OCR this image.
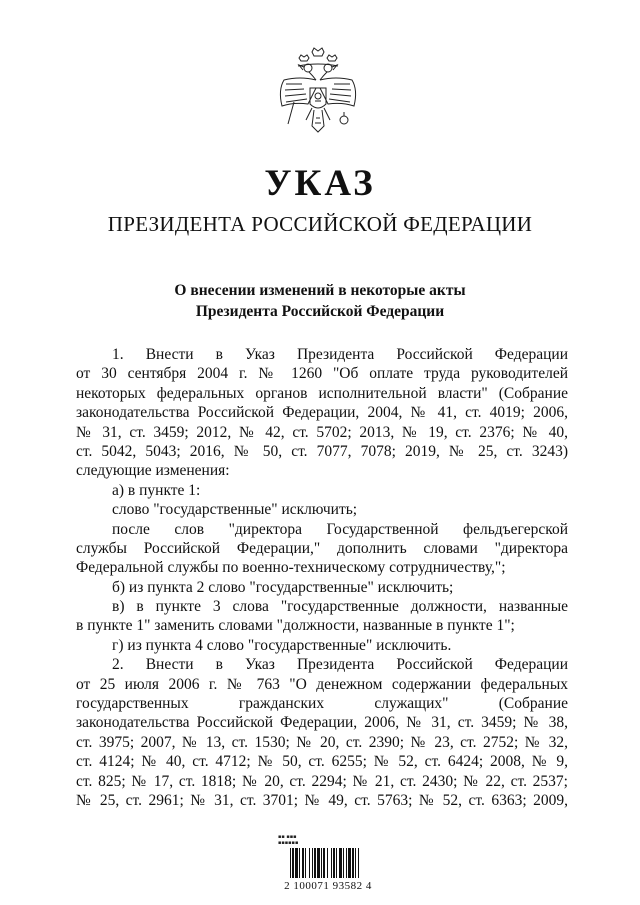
УКАЗ
ПРЕЗИДЕНТА РОССИЙСКОЙ ФЕДЕРАЦИИ
О внесении изменений в некоторые акты
Президента Российской Федерации
1. Внести в Указ Президента Российской Федерации
от 30 сентября 2004 г. № 1260 "Об оплате труда руководителей
некоторых федеральных органов исполнительной власти" (Собрание
законодательства Российской Федерации, 2004, № 41, ст. 4019; 2006,
№ 31, ст. 3459; 2012, № 42, ст. 5702; 2013, № 19, ст. 2376; № 40,
ст. 5042, 5043; 2016, № 50, ст. 7077, 7078; 2019, № 25, ст. 3243)
следующие изменения:
а) в пункте 1:
слово "государственные" исключить;
после слов "директора Государственной фельдъегерской
службы Российской Федерации," дополнить словами "директора
Федеральной службы по военно-техническому сотрудничеству,";
б) из пункта 2 слово "государственные" исключить;
в) в пункте 3 слова "государственные должности, названные
в пункте 1" заменить словами "должности, названные в пункте 1";
г) из пункта 4 слово "государственные" исключить.
2. Внести в Указ Президента Российской Федерации
от 25 июля 2006 г. № 763 "О денежном содержании федеральных
государственных гражданских служащих" (Собрание
законодательства Российской Федерации, 2006, № 31, ст. 3459; № 38,
ст. 3975; 2007, № 13, ст. 1530; № 20, ст. 2390; № 23, ст. 2752; № 32,
ст. 4124; № 40, ст. 4712; № 50, ст. 6255; № 52, ст. 6424; 2008, № 9,
ст. 825; № 17, ст. 1818; № 20, ст. 2294; № 21, ст. 2430; № 22, ст. 2537;
№ 25, ст. 2961; № 31, ст. 3701; № 49, ст. 5763; № 52, ст. 6363; 2009,
▪▪ ▪▪▪
▪▪▪▪▪▪
2 100071 93582 4
